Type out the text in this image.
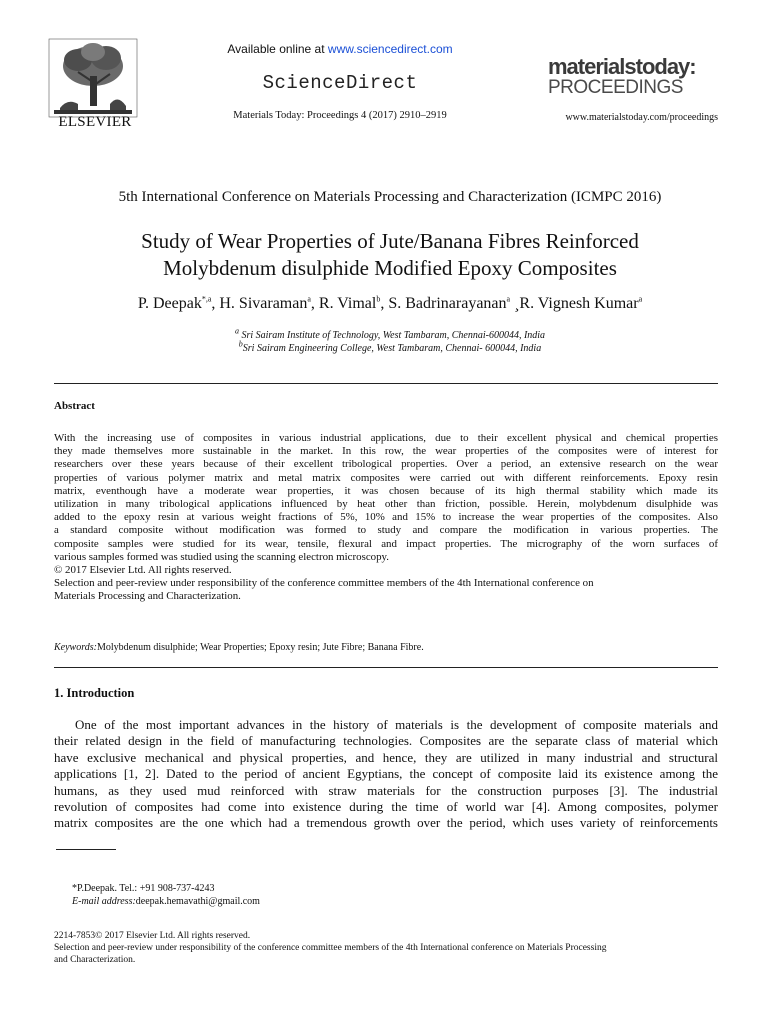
ELSEVIER
Available online at www.sciencedirect.com
ScienceDirect
Materials Today: Proceedings 4 (2017) 2910–2919
materialstoday:
PROCEEDINGS
www.materialstoday.com/proceedings
5th International Conference on Materials Processing and Characterization (ICMPC 2016)
Study of Wear Properties of Jute/Banana Fibres Reinforced
Molybdenum disulphide Modified Epoxy Composites
P. Deepak$^{*,a}$, H. Sivaraman$^a$, R. Vimal$^b$, S. Badrinarayanan$^a$ ¸R. Vignesh Kumar$^a$
$^a$ Sri Sairam Institute of Technology, West Tambaram, Chennai-600044, India
$^b$Sri Sairam Engineering College, West Tambaram, Chennai- 600044, India
Abstract
With the increasing use of composites in various industrial applications, due to their excellent physical and chemical properties
they made themselves more sustainable in the market. In this row, the wear properties of the composites were of interest for
researchers over these years because of their excellent tribological properties. Over a period, an extensive research on the wear
properties of various polymer matrix and metal matrix composites were carried out with different reinforcements. Epoxy resin
matrix, eventhough have a moderate wear properties, it was chosen because of its high thermal stability which made its
utilization in many tribological applications influenced by heat other than friction, possible. Herein, molybdenum disulphide was
added to the epoxy resin at various weight fractions of 5%, 10% and 15% to increase the wear properties of the composites. Also
a standard composite without modification was formed to study and compare the modification in various properties. The
composite samples were studied for its wear, tensile, flexural and impact properties. The micrography of the worn surfaces of
various samples formed was studied using the scanning electron microscopy.
© 2017 Elsevier Ltd. All rights reserved.
Selection and peer-review under responsibility of the conference committee members of the 4th International conference on
Materials Processing and Characterization.
Keywords:Molybdenum disulphide; Wear Properties; Epoxy resin; Jute Fibre; Banana Fibre.
1. Introduction
One of the most important advances in the history of materials is the development of composite materials and
their related design in the field of manufacturing technologies. Composites are the separate class of material which
have exclusive mechanical and physical properties, and hence, they are utilized in many industrial and structural
applications [1, 2]. Dated to the period of ancient Egyptians, the concept of composite laid its existence among the
humans, as they used mud reinforced with straw materials for the construction purposes [3]. The industrial
revolution of composites had come into existence during the time of world war [4]. Among composites, polymer
matrix composites are the one which had a tremendous growth over the period, which uses variety of reinforcements
*P.Deepak. Tel.: +91 908-737-4243
E-mail address:deepak.hemavathi@gmail.com
2214-7853© 2017 Elsevier Ltd. All rights reserved.
Selection and peer-review under responsibility of the conference committee members of the 4th International conference on Materials Processing
and Characterization.
